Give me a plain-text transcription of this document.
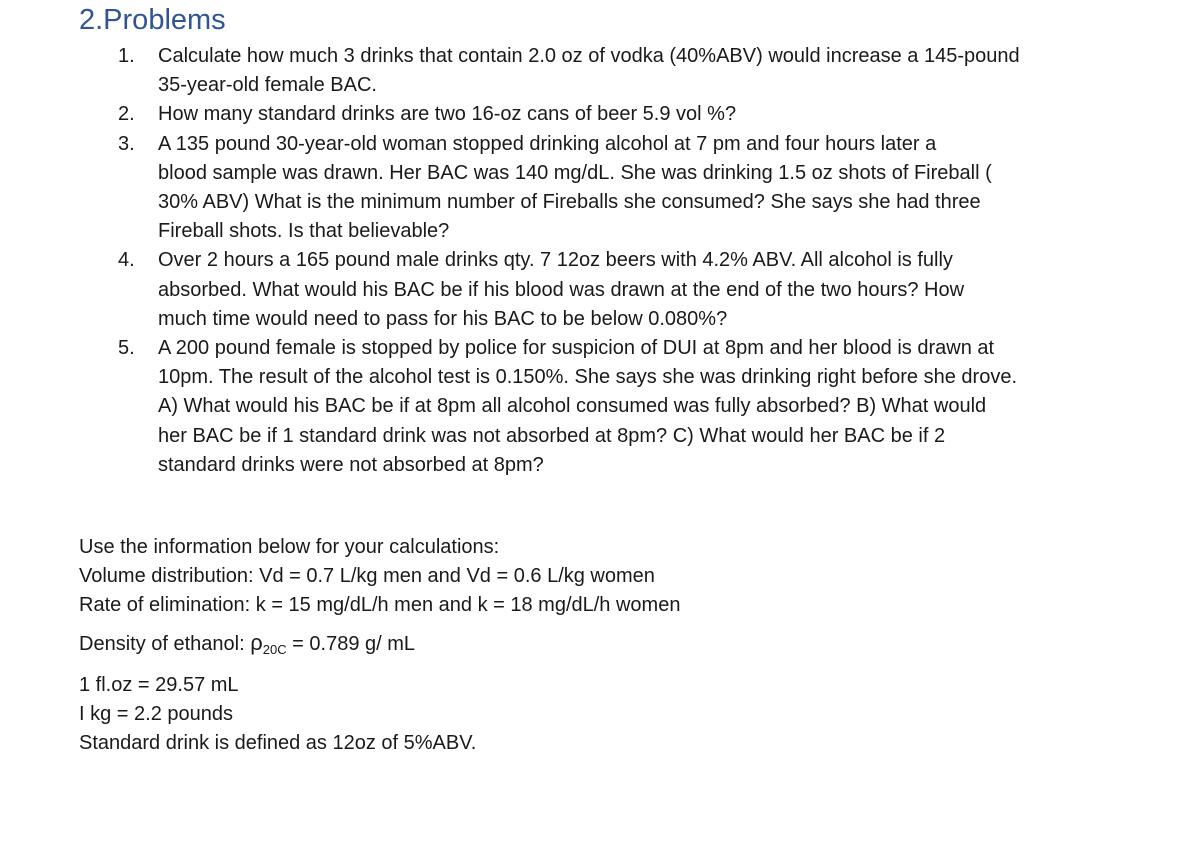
2.Problems
1. Calculate how much 3 drinks that contain 2.0 oz of vodka (40%ABV) would increase a 145-pound
35-year-old female BAC.
2. How many standard drinks are two 16-oz cans of beer 5.9 vol %?
3. A 135 pound 30-year-old woman stopped drinking alcohol at 7 pm and four hours later a
blood sample was drawn. Her BAC was 140 mg/dL. She was drinking 1.5 oz shots of Fireball (
30% ABV) What is the minimum number of Fireballs she consumed? She says she had three
Fireball shots. Is that believable?
4. Over 2 hours a 165 pound male drinks qty. 7 12oz beers with 4.2% ABV. All alcohol is fully
absorbed. What would his BAC be if his blood was drawn at the end of the two hours? How
much time would need to pass for his BAC to be below 0.080%?
5. A 200 pound female is stopped by police for suspicion of DUI at 8pm and her blood is drawn at
10pm. The result of the alcohol test is 0.150%. She says she was drinking right before she drove.
A) What would his BAC be if at 8pm all alcohol consumed was fully absorbed? B) What would
her BAC be if 1 standard drink was not absorbed at 8pm? C) What would her BAC be if 2
standard drinks were not absorbed at 8pm?
Use the information below for your calculations:
Volume distribution: Vd = 0.7 L/kg men and Vd = 0.6 L/kg women
Rate of elimination: k = 15 mg/dL/h men and k = 18 mg/dL/h women
Density of ethanol: $\rho_{20C} = 0.789$ g/ mL
1 fl.oz = 29.57 mL
I kg = 2.2 pounds
Standard drink is defined as 12oz of 5%ABV.
